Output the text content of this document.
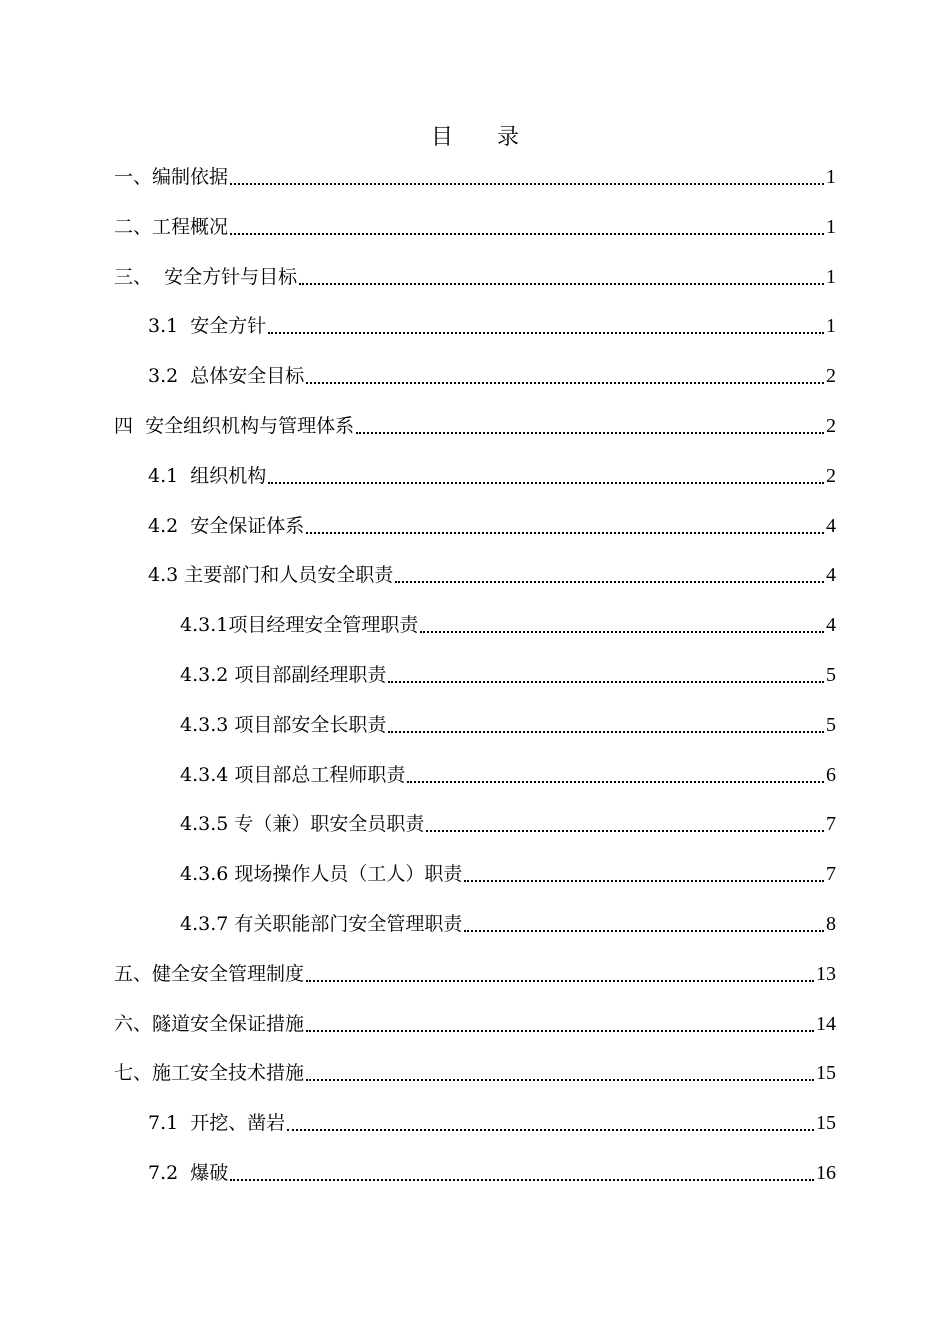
目 录
一、编制依据	1
二、工程概况	1
三、  安全方针与目标	1
3.1  安全方针	1
3.2  总体安全目标	2
四  安全组织机构与管理体系	2
4.1  组织机构	2
4.2  安全保证体系	4
4.3 主要部门和人员安全职责	4
4.3.1项目经理安全管理职责	4
4.3.2 项目部副经理职责	5
4.3.3 项目部安全长职责	5
4.3.4 项目部总工程师职责	6
4.3.5 专（兼）职安全员职责	7
4.3.6 现场操作人员（工人）职责	7
4.3.7 有关职能部门安全管理职责	8
五、健全安全管理制度	13
六、隧道安全保证措施	14
七、施工安全技术措施	15
7.1  开挖、凿岩	15
7.2  爆破	16
